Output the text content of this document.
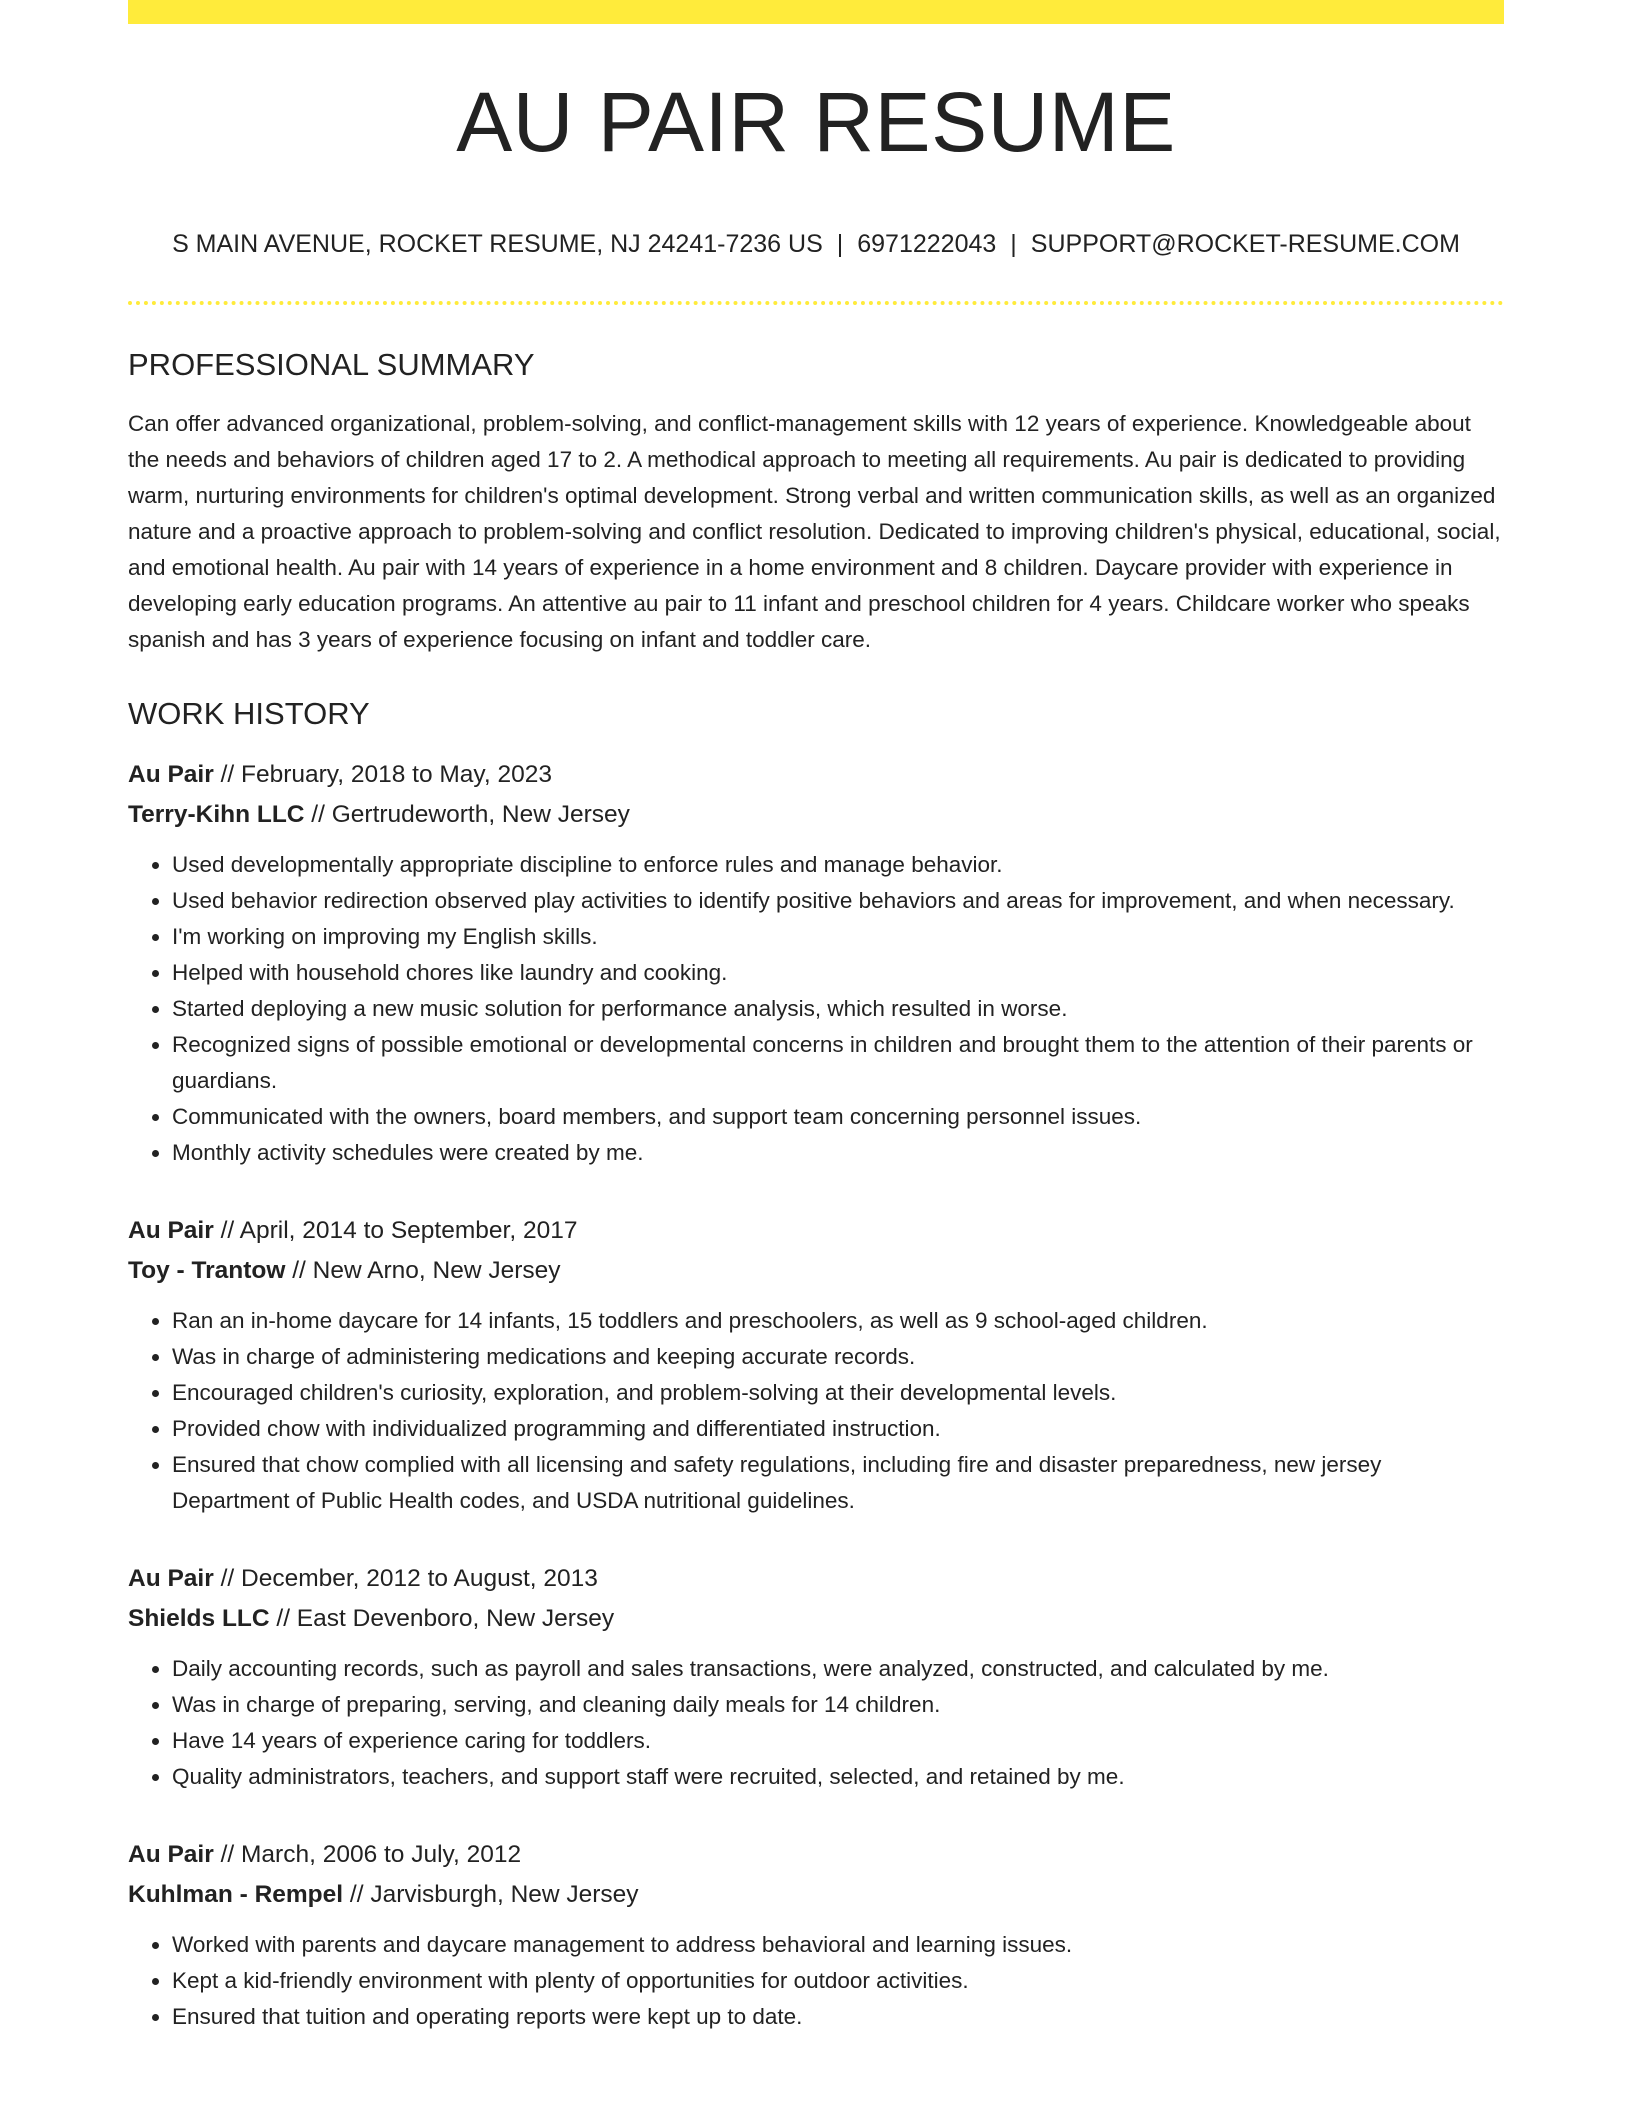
AU PAIR RESUME
S MAIN AVENUE, ROCKET RESUME, NJ 24241-7236 US | 6971222043 | SUPPORT@ROCKET-RESUME.COM
PROFESSIONAL SUMMARY

Can offer advanced organizational, problem-solving, and conflict-management skills with 12 years of experience. Knowledgeable about the needs and behaviors of children aged 17 to 2. A methodical approach to meeting all requirements. Au pair is dedicated to providing warm, nurturing environments for children's optimal development. Strong verbal and written communication skills, as well as an organized nature and a proactive approach to problem-solving and conflict resolution. Dedicated to improving children's physical, educational, social, and emotional health. Au pair with 14 years of experience in a home environment and 8 children. Daycare provider with experience in developing early education programs. An attentive au pair to 11 infant and preschool children for 4 years. Childcare worker who speaks spanish and has 3 years of experience focusing on infant and toddler care.

WORK HISTORY
Au Pair // February, 2018 to May, 2023
Terry-Kihn LLC // Gertrudeworth, New Jersey
• Used developmentally appropriate discipline to enforce rules and manage behavior.
• Used behavior redirection observed play activities to identify positive behaviors and areas for improvement, and when necessary.
• I'm working on improving my English skills.
• Helped with household chores like laundry and cooking.
• Started deploying a new music solution for performance analysis, which resulted in worse.
• Recognized signs of possible emotional or developmental concerns in children and brought them to the attention of their parents or guardians.
• Communicated with the owners, board members, and support team concerning personnel issues.
• Monthly activity schedules were created by me.
Au Pair // April, 2014 to September, 2017
Toy - Trantow // New Arno, New Jersey
• Ran an in-home daycare for 14 infants, 15 toddlers and preschoolers, as well as 9 school-aged children.
• Was in charge of administering medications and keeping accurate records.
• Encouraged children's curiosity, exploration, and problem-solving at their developmental levels.
• Provided chow with individualized programming and differentiated instruction.
• Ensured that chow complied with all licensing and safety regulations, including fire and disaster preparedness, new jersey Department of Public Health codes, and USDA nutritional guidelines.
Au Pair // December, 2012 to August, 2013
Shields LLC // East Devenboro, New Jersey
• Daily accounting records, such as payroll and sales transactions, were analyzed, constructed, and calculated by me.
• Was in charge of preparing, serving, and cleaning daily meals for 14 children.
• Have 14 years of experience caring for toddlers.
• Quality administrators, teachers, and support staff were recruited, selected, and retained by me.
Au Pair // March, 2006 to July, 2012
Kuhlman - Rempel // Jarvisburgh, New Jersey
• Worked with parents and daycare management to address behavioral and learning issues.
• Kept a kid-friendly environment with plenty of opportunities for outdoor activities.
• Ensured that tuition and operating reports were kept up to date.
